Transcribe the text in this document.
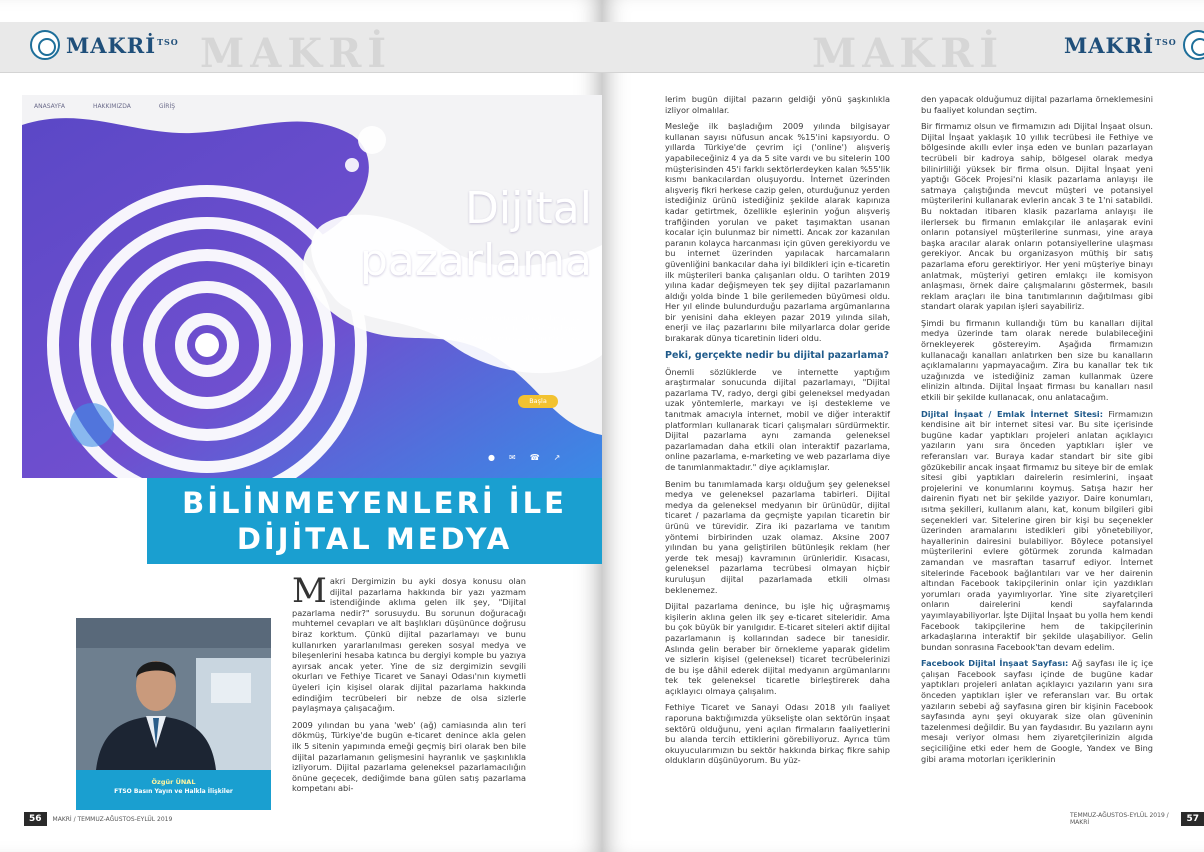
MAKRİ
$MAKRİ^{TSO}$
ANASAYFA	HAKKIMIZDA	GİRİŞ
Dijital
pazarlama
Sosyal medyada dijital pazarlama nedir?
Dijital Ticaret nasıl yapılır?
Sosyal Medya'nın iş dünyasına etkisi nedir?
Başla
● ✉ ☎ ↗
BİLİNMEYENLERİ İLE
DİJİTAL MEDYA
Özgür ÜNAL
FTSO Basın Yayın ve Halkla İlişkiler

Makri Dergimizin bu ayki dosya konusu olan dijital pazarlama hakkında bir yazı yazmam istendiğinde aklıma gelen ilk şey, "Dijital pazarlama nedir?" sorusuydu. Bu sorunun doğuracağı muhtemel cevapları ve alt başlıkları düşününce doğrusu biraz korktum. Çünkü dijital pazarlamayı ve bunu kullanırken yararlanılması gereken sosyal medya ve bileşenlerini hesaba katınca bu dergiyi komple bu yazıya ayırsak ancak yeter. Yine de siz dergimizin sevgili okurları ve Fethiye Ticaret ve Sanayi Odası'nın kıymetli üyeleri için kişisel olarak dijital pazarlama hakkında edindiğim tecrübeleri bir nebze de olsa sizlerle paylaşmaya çalışacağım.

2009 yılından bu yana 'web' (ağ) camiasında alın teri dökmüş, Türkiye'de bugün e-ticaret denince akla gelen ilk 5 sitenin yapımında emeği geçmiş biri olarak ben bile dijital pazarlamanın gelişmesini hayranlık ve şaşkınlıkla izliyorum. Dijital pazarlama geleneksel pazarlamacılığın önüne geçecek, dediğimde bana gülen satış pazarlama kompetanı abi-

56	MAKRİ / TEMMUZ-AĞUSTOS-EYLÜL 2019
MAKRİ	$MAKRİ^{TSO}$
TEMMUZ-AĞUSTOS-EYLÜL 2019 / MAKRİ	57

den yapacak olduğumuz dijital pazarlama örneklemesini bu faaliyet kolundan seçtim.

Bir firmamız olsun ve firmamızın adı Dijital İnşaat olsun. Dijital İnşaat yaklaşık 10 yıllık tecrübesi ile Fethiye ve bölgesinde akıllı evler inşa eden ve bunları pazarlayan tecrübeli bir kadroya sahip, bölgesel olarak medya bilinirliliği yüksek bir firma olsun. Dijital İnşaat yeni yaptığı Göcek Projesi'ni klasik pazarlama anlayışı ile satmaya çalıştığında mevcut müşteri ve potansiyel müşterilerini kullanarak evlerin ancak 3 te 1'ni satabildi. Bu noktadan itibaren klasik pazarlama anlayışı ile ilerlersek bu firmanın emlakçılar ile anlaşarak evini onların potansiyel müşterilerine sunması, yine araya başka aracılar alarak onların potansiyellerine ulaşması gerekiyor. Ancak bu organizasyon müthiş bir satış pazarlama eforu gerektiriyor. Her yeni müşteriye binayı anlatmak, müşteriyi getiren emlakçı ile komisyon anlaşması, örnek daire çalışmalarını göstermek, basılı reklam araçları ile bina tanıtımlarının dağıtılması gibi standart olarak yapılan işleri sayabiliriz.

Şimdi bu firmanın kullandığı tüm bu kanalları dijital medya üzerinde tam olarak nerede bulabileceğini örnekleyerek göstereyim. Aşağıda firmamızın kullanacağı kanalları anlatırken ben size bu kanalların açıklamalarını yapmayacağım. Zira bu kanallar tek tık uzağınızda ve istediğiniz zaman kullanmak üzere elinizin altında. Dijital İnşaat firması bu kanalları nasıl etkili bir şekilde kullanacak, onu anlatacağım.

Dijital İnşaat / Emlak İnternet Sitesi: Firmamızın kendisine ait bir internet sitesi var. Bu site içerisinde bugüne kadar yaptıkları projeleri anlatan açıklayıcı yazıların yanı sıra önceden yaptıkları işler ve referansları var. Buraya kadar standart bir site gibi gözükebilir ancak inşaat firmamız bu siteye bir de emlak sitesi gibi yaptıkları dairelerin resimlerini, inşaat projelerini ve konumlarını koymuş. Satışa hazır her dairenin fiyatı net bir şekilde yazıyor. Daire konumları, ısıtma şekilleri, kullanım alanı, kat, konum bilgileri gibi seçenekleri var. Sitelerine giren bir kişi bu seçenekler üzerinden aramalarını istedikleri gibi yönetebiliyor, hayallerinin dairesini bulabiliyor. Böylece potansiyel müşterilerini evlere götürmek zorunda kalmadan zamandan ve masraftan tasarruf ediyor. İnternet sitelerinde Facebook bağlantıları var ve her dairenin altından Facebook takipçilerinin onlar için yazdıkları yorumları orada yayımlıyorlar. Yine site ziyaretçileri onların dairelerini kendi sayfalarında yayımlayabiliyorlar. İşte Dijital İnşaat bu yolla hem kendi Facebook takipçilerine hem de takipçilerinin arkadaşlarına interaktif bir şekilde ulaşabiliyor. Gelin bundan sonrasına Facebook'tan devam edelim.

Facebook Dijital İnşaat Sayfası: Ağ sayfası ile iç içe çalışan Facebook sayfası içinde de bugüne kadar yaptıkları projeleri anlatan açıklayıcı yazıların yanı sıra önceden yaptıkları işler ve referansları var. Bu ortak yazıların sebebi ağ sayfasına giren bir kişinin Facebook sayfasında aynı şeyi okuyarak size olan güveninin tazelenmesi değildir. Bu yan faydasıdır. Bu yazıların aynı mesajı veriyor olması hem ziyaretçilerinizin algıda seçiciliğine etki eder hem de Google, Yandex ve Bing gibi arama motorları içeriklerinin

lerim bugün dijital pazarın geldiği yönü şaşkınlıkla izliyor olmalılar.

Mesleğe ilk başladığım 2009 yılında bilgisayar kullanan sayısı nüfusun ancak %15'ini kapsıyordu. O yıllarda Türkiye'de çevrim içi ('online') alışveriş yapabileceğiniz 4 ya da 5 site vardı ve bu sitelerin 100 müşterisinden 45'i farklı sektörlerdeyken kalan %55'lik kısmı bankacılardan oluşuyordu. İnternet üzerinden alışveriş fikri herkese cazip gelen, oturduğunuz yerden istediğiniz ürünü istediğiniz şekilde alarak kapınıza kadar getirtmek, özellikle eşlerinin yoğun alışveriş trafiğinden yorulan ve paket taşımaktan usanan kocalar için bulunmaz bir nimetti. Ancak zor kazanılan paranın kolayca harcanması için güven gerekiyordu ve bu internet üzerinden yapılacak harcamaların güvenliğini bankacılar daha iyi bildikleri için e-ticaretin ilk müşterileri banka çalışanları oldu. O tarihten 2019 yılına kadar değişmeyen tek şey dijital pazarlamanın aldığı yolda binde 1 bile gerilemeden büyümesi oldu. Her yıl elinde bulundurduğu pazarlama argümanlarına bir yenisini daha ekleyen pazar 2019 yılında silah, enerji ve ilaç pazarlarını bile milyarlarca dolar geride bırakarak dünya ticaretinin lideri oldu.

Peki, gerçekte nedir bu dijital pazarlama?

Önemli sözlüklerde ve internette yaptığım araştırmalar sonucunda dijital pazarlamayı, "Dijital pazarlama TV, radyo, dergi gibi geleneksel medyadan uzak yöntemlerle, markayı ve işi destekleme ve tanıtmak amacıyla internet, mobil ve diğer interaktif platformları kullanarak ticari çalışmaları sürdürmektir. Dijital pazarlama aynı zamanda geleneksel pazarlamadan daha etkili olan interaktif pazarlama, online pazarlama, e-marketing ve web pazarlama diye de tanımlanmaktadır." diye açıklamışlar.

Benim bu tanımlamada karşı olduğum şey geleneksel medya ve geleneksel pazarlama tabirleri. Dijital medya da geleneksel medyanın bir ürünüdür, dijital ticaret / pazarlama da geçmişte yapılan ticaretin bir ürünü ve türevidir. Zira iki pazarlama ve tanıtım yöntemi birbirinden uzak olamaz. Aksine 2007 yılından bu yana geliştirilen bütünleşik reklam (her yerde tek mesaj) kavramının ürünleridir. Kısacası, geleneksel pazarlama tecrübesi olmayan hiçbir kuruluşun dijital pazarlamada etkili olması beklenemez.

Dijital pazarlama denince, bu işle hiç uğraşmamış kişilerin aklına gelen ilk şey e-ticaret siteleridir. Ama bu çok büyük bir yanılgıdır. E-ticaret siteleri aktif dijital pazarlamanın iş kollarından sadece bir tanesidir. Aslında gelin beraber bir örnekleme yaparak gidelim ve sizlerin kişisel (geleneksel) ticaret tecrübelerinizi de bu işe dâhil ederek dijital medyanın argümanlarını tek tek geleneksel ticaretle birleştirerek daha açıklayıcı olmaya çalışalım.

Fethiye Ticaret ve Sanayi Odası 2018 yılı faaliyet raporuna baktığımızda yükselişte olan sektörün inşaat sektörü olduğunu, yeni açılan firmaların faaliyetlerini bu alanda tercih ettiklerini görebiliyoruz. Ayrıca tüm okuyucularımızın bu sektör hakkında birkaç fikre sahip oldukların düşünüyorum. Bu yüz-
